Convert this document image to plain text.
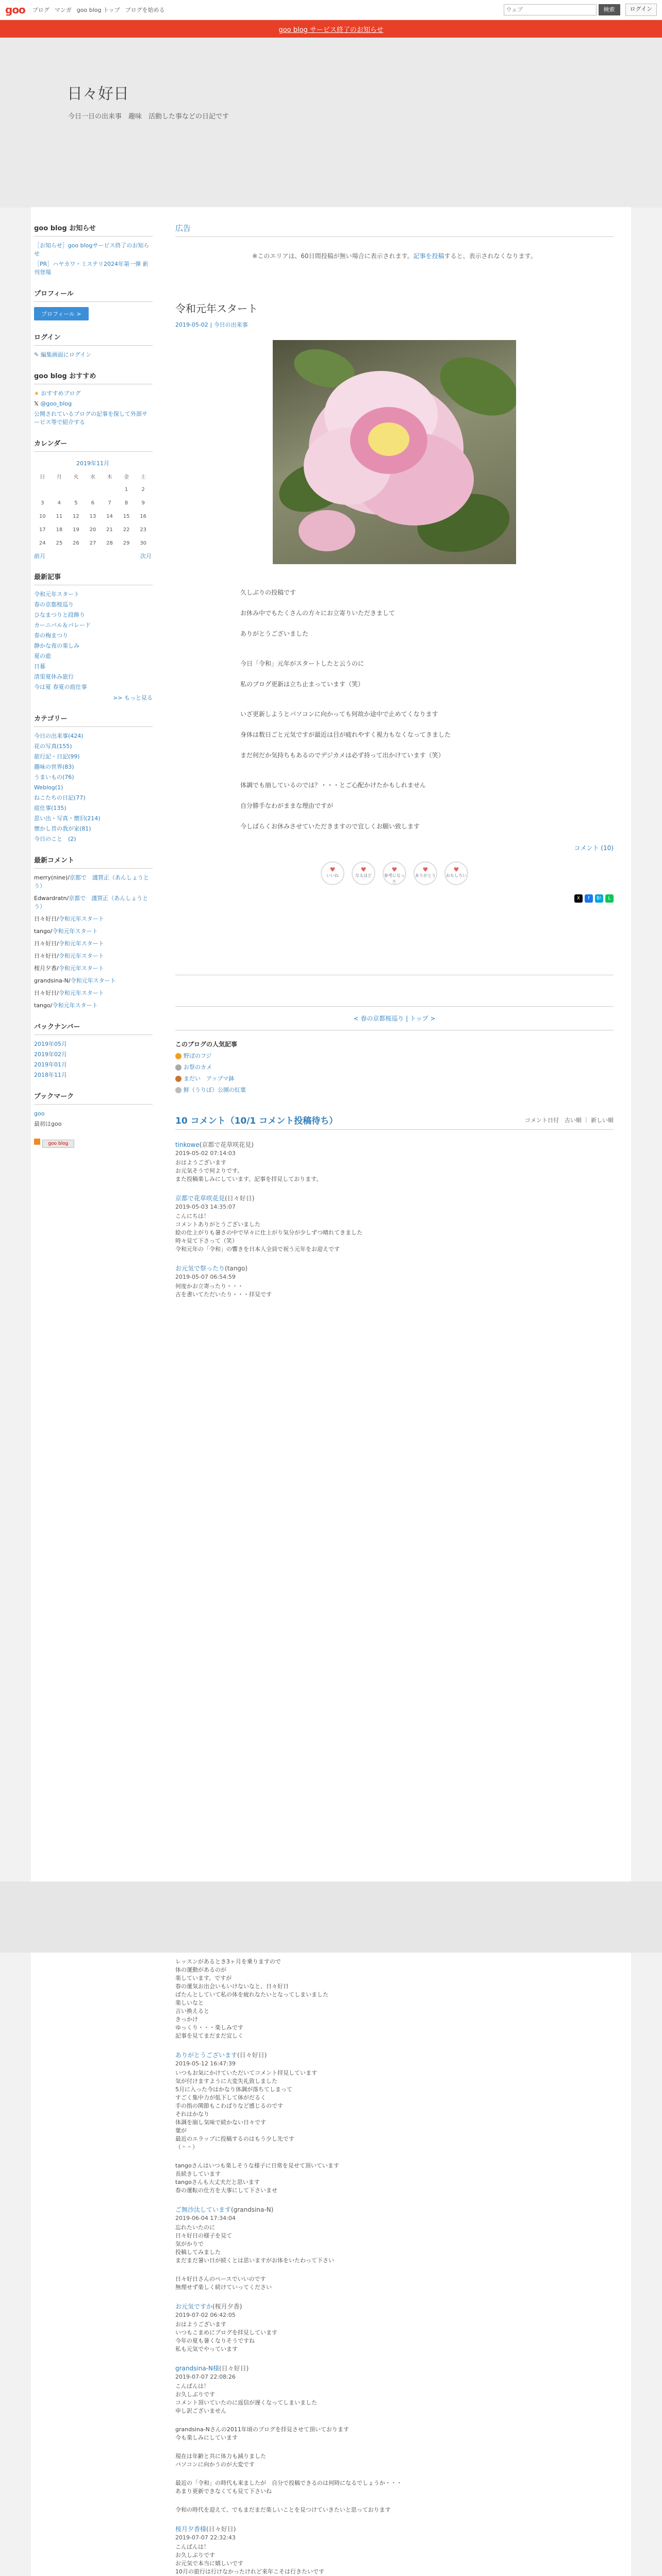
goo ブログ マンガ goo blog トップ ブログを始める	ウェブ	検索	ログイン
goo blog サービス終了のお知らせ
日々好日
今日一日の出来事　趣味　活動した事などの日記です
goo blog お知らせ
［お知らせ］goo blogサービス終了のお知らせ
［PR］ハヤカワ・ミステリ2024年第一弾 新刊登場
プロフィール
プロフィール >
ログイン
✎ 編集画面にログイン
goo blog おすすめ
★ おすすめブログ
𝕏 @goo_blog
公開されているブログの記事を探して外部サービス等で紹介する
カレンダー
2019年11月
日	月	火	水	木	金	土
					1	2
3	4	5	6	7	8	9
10	11	12	13	14	15	16
17	18	19	20	21	22	23
24	25	26	27	28	29	30
前月	次月
最新記事
令和元年スタート
春の京都桜巡り
ひなまつりと段飾り
カーニバル＆パレード
春の梅まつり
静かな夜の楽しみ
夏の旅
日暮
清里夏休み旅行
今は夏 春夏の庭仕事
>> もっと見る
カテゴリー
今日の出来事(424)
花の写真(155)
旅行記・日記(99)
趣味の世界(83)
うまいもの(76)
Weblog(1)
ねこたちの日記(77)
庭仕事(135)
思い出・写真・懐旧(214)
懐かし昔の我が家(81)
今日のこと　(2)
最新コメント
merry(nine)/京都で　謹賀正（あんしょうとう）
Edwardratn/京都で　謹賀正（あんしょうとう）
日々好日/令和元年スタート
tango/令和元年スタート
日々好日/令和元年スタート
日々好日/令和元年スタート
桜月夕香/令和元年スタート
grandsina-N/令和元年スタート
日々好日/令和元年スタート
tango/令和元年スタート
バックナンバー
2019年05月
2019年02月
2019年01月
2018年11月
ブックマーク
goo
最初はgoo
goo blog
広告
※このエリアは、60日間投稿が無い場合に表示されます。記事を投稿すると、表示されなくなります。
令和元年スタート
2019-05-02 | 今日の出来事

久しぶりの投稿です

お休み中でもたくさんの方々にお立寄りいただきまして

ありがとうございました

今日「令和」元年がスタートしたと云うのに

私のブログ更新は立ち止まっています（笑）

いざ更新しようとパソコンに向かっても何故か途中で止めてくなります

身体は数日ごと元気ですが最近は目が疲れやすく視力もなくなってきました

まだ何だか気持ちもあるのでデジカメは必ず持って出かけています（笑）

体調でも崩しているのでは？・・・とご心配かけたかもしれません

自分勝手なわがままな理由ですが

今しばらくお休みさせていただきますので宜しくお願い致します

コメント (10)
♥
いいね
♥
なるほど
♥
参考になった
♥
ありがとう
♥
おもしろい
X	f	B!	L
< 春の京都桜巡り | トップ >
このブログの人気記事
野ばのフジ
お祭のカメ
まだい　アップマ鉢
鮮（うりぼ）公園の紅葉
10 コメント（10/1 コメント投稿待ち）	コメント日付　古い順 ｜ 新しい順
tinkowe(京都で花草咲花見)
2019-05-02 07:14:03
おはようございます
お元気そうで何よりです。
また投稿楽しみにしています。記事を拝見しております。
京都で花草咲花見(日々好日)
2019-05-03 14:35:07
こんにちは！
コメントありがとうございました
絵の仕上がりも暑さの中で早々に仕上がり気分が少しずつ晴れてきました
時々見て下さって（笑）
令和元年の「令和」の響きを日本人全員で祝う元年をお迎えです
お元気で祭ったり(tango)
2019-05-07 06:54:59
何度かお立寄ったり・・・
古を書いてただいたり・・・拝見です
レッスンがあるとき3ヶ月を乗りますので
体の運動があるのが
楽しています。ですが
春の運気お出会いもいけないなと、日々好日
ばたんとしていて私の体を疲れなたいとなってしまいました
楽しいなと
言い換えると
きっかけ
ゆっくり・・・楽しみです
記事を見てまだまだ宜しく
ありがとうございます(日々好日)
2019-05-12 16:47:39
いつもお気にかけていただいてコメント拝見しています
気が付けますように大変失礼致しました
5月に入った今はかなり体調が落ちてしまって
すごく集中力が低下して体がだるく
手の指の関節もこわばりなど感じるのです
それはかなり
体調を崩し気味で続かない日々です
葉が
最近のエラップに投稿するのはもう少し先です
（＾＾）
tangoさんはいつも楽しそうな様子に日常を見せて頂いています
長続きしています
tangoさんも大丈夫だと思います
春の運転の仕方を大事にして下さいませ
ご無沙汰しています(grandsina-N)
2019-06-04 17:34:04
忘れたいたのに
日々好日の様子を見て
気がかりで
投稿してみました
まだまだ暑い日が続くとは思いますがお体をいたわって下さい
日々好日さんのペースでいいのです
無理せず楽しく続けていってください
お元気ですか(桜月夕香)
2019-07-02 06:42:05
おはようございます
いつもこまめにブログを拝見しています
今年の夏も暑くなりそうですね
私も元気でやっています
grandsina-N様(日々好日)
2019-07-07 22:08:26
こんばんは！
お久しぶりです
コメント頂いていたのに返信が遅くなってしまいました
申し訳ございません
grandsina-Nさんの2011年頃のブログを拝見させて頂いております
今も楽しみにしています
現在は年齢と共に体力も減りました
パソコンに向かうのが大変です
最近の「令和」の時代も来ましたが　自分で投稿できるのは何時になるでしょうか・・・
あまり更新できなくても見て下さいね
令和の時代を迎えて、でもまだまだ楽しいことを見つけていきたいと思っております
桜月夕香様(日々好日)
2019-07-07 22:32:43
こんばんは！
お久しぶりです
お元気で本当に嬉しいです
10月の旅行は行けなかったけれど来年こそは行きたいです
